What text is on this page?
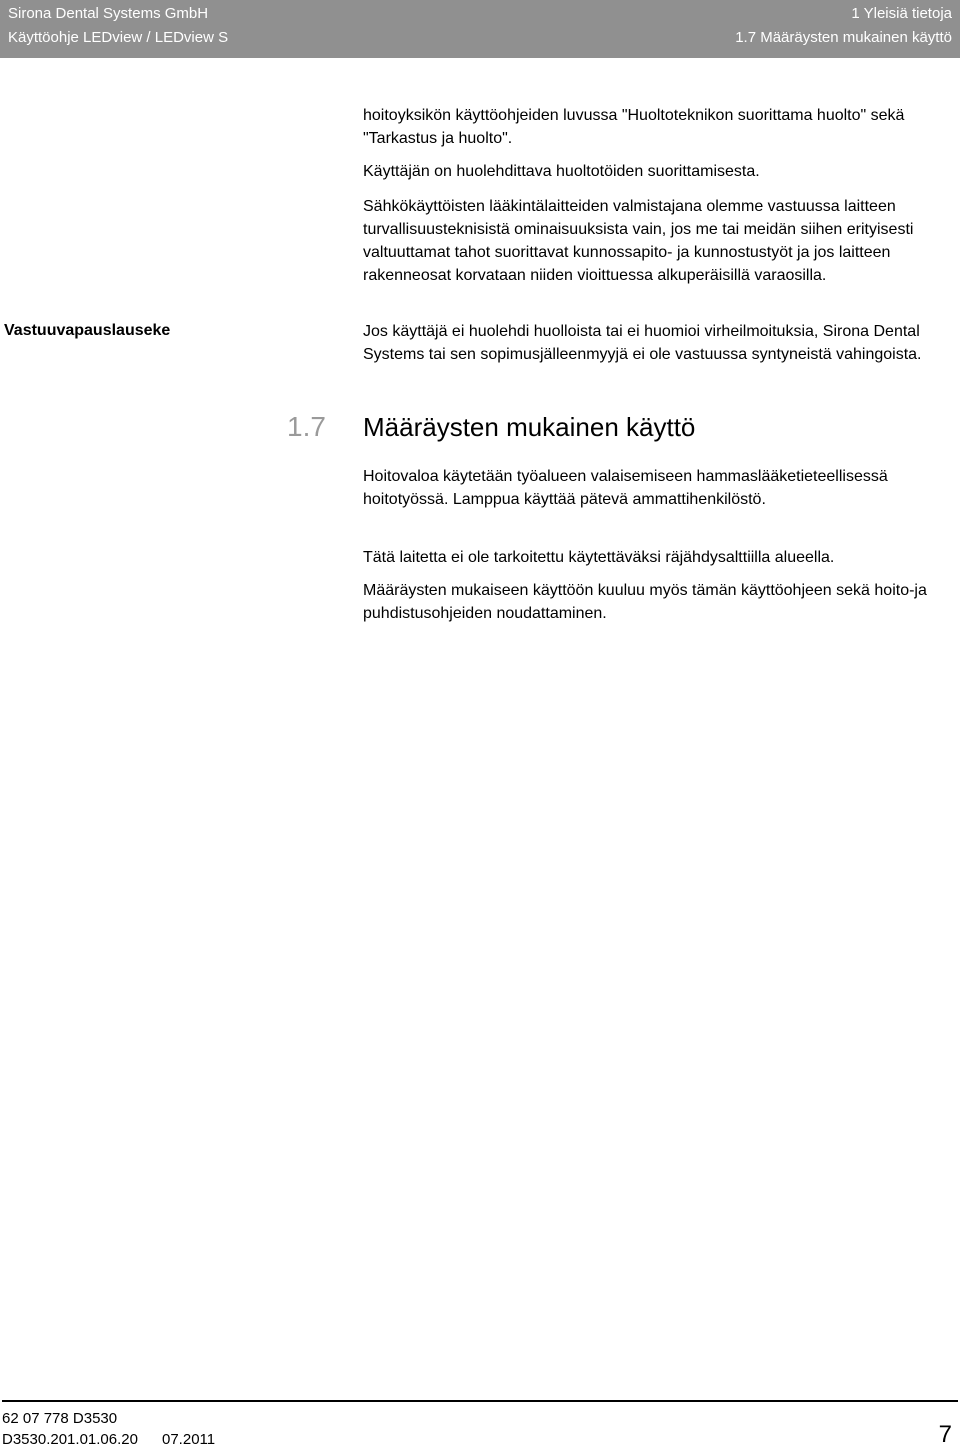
Sirona Dental Systems GmbH
Käyttöohje LEDview / LEDview S
1 Yleisiä tietoja
1.7 Määräysten mukainen käyttö

hoitoyksikön käyttöohjeiden luvussa "Huoltoteknikon suorittama huolto" sekä "Tarkastus ja huolto".

Käyttäjän on huolehdittava huoltotöiden suorittamisesta.

Sähkökäyttöisten lääkintälaitteiden valmistajana olemme vastuussa laitteen turvallisuusteknisistä ominaisuuksista vain, jos me tai meidän siihen erityisesti valtuuttamat tahot suorittavat kunnossapito- ja kunnostustyöt ja jos laitteen rakenneosat korvataan niiden vioittuessa alkuperäisillä varaosilla.

Vastuuvapauslauseke	Jos käyttäjä ei huolehdi huolloista tai ei huomioi virheilmoituksia, Sirona Dental Systems tai sen sopimusjälleenmyyjä ei ole vastuussa syntyneistä vahingoista.

1.7 Määräysten mukainen käyttö

Hoitovaloa käytetään työalueen valaisemiseen hammaslääketieteellisessä hoitotyössä. Lamppua käyttää pätevä ammattihenkilöstö.

Tätä laitetta ei ole tarkoitettu käytettäväksi räjähdysalttiilla alueella.

Määräysten mukaiseen käyttöön kuuluu myös tämän käyttöohjeen sekä hoito-ja puhdistusohjeiden noudattaminen.

62 07 778 D3530
D3530.201.01.06.20 07.2011	7
